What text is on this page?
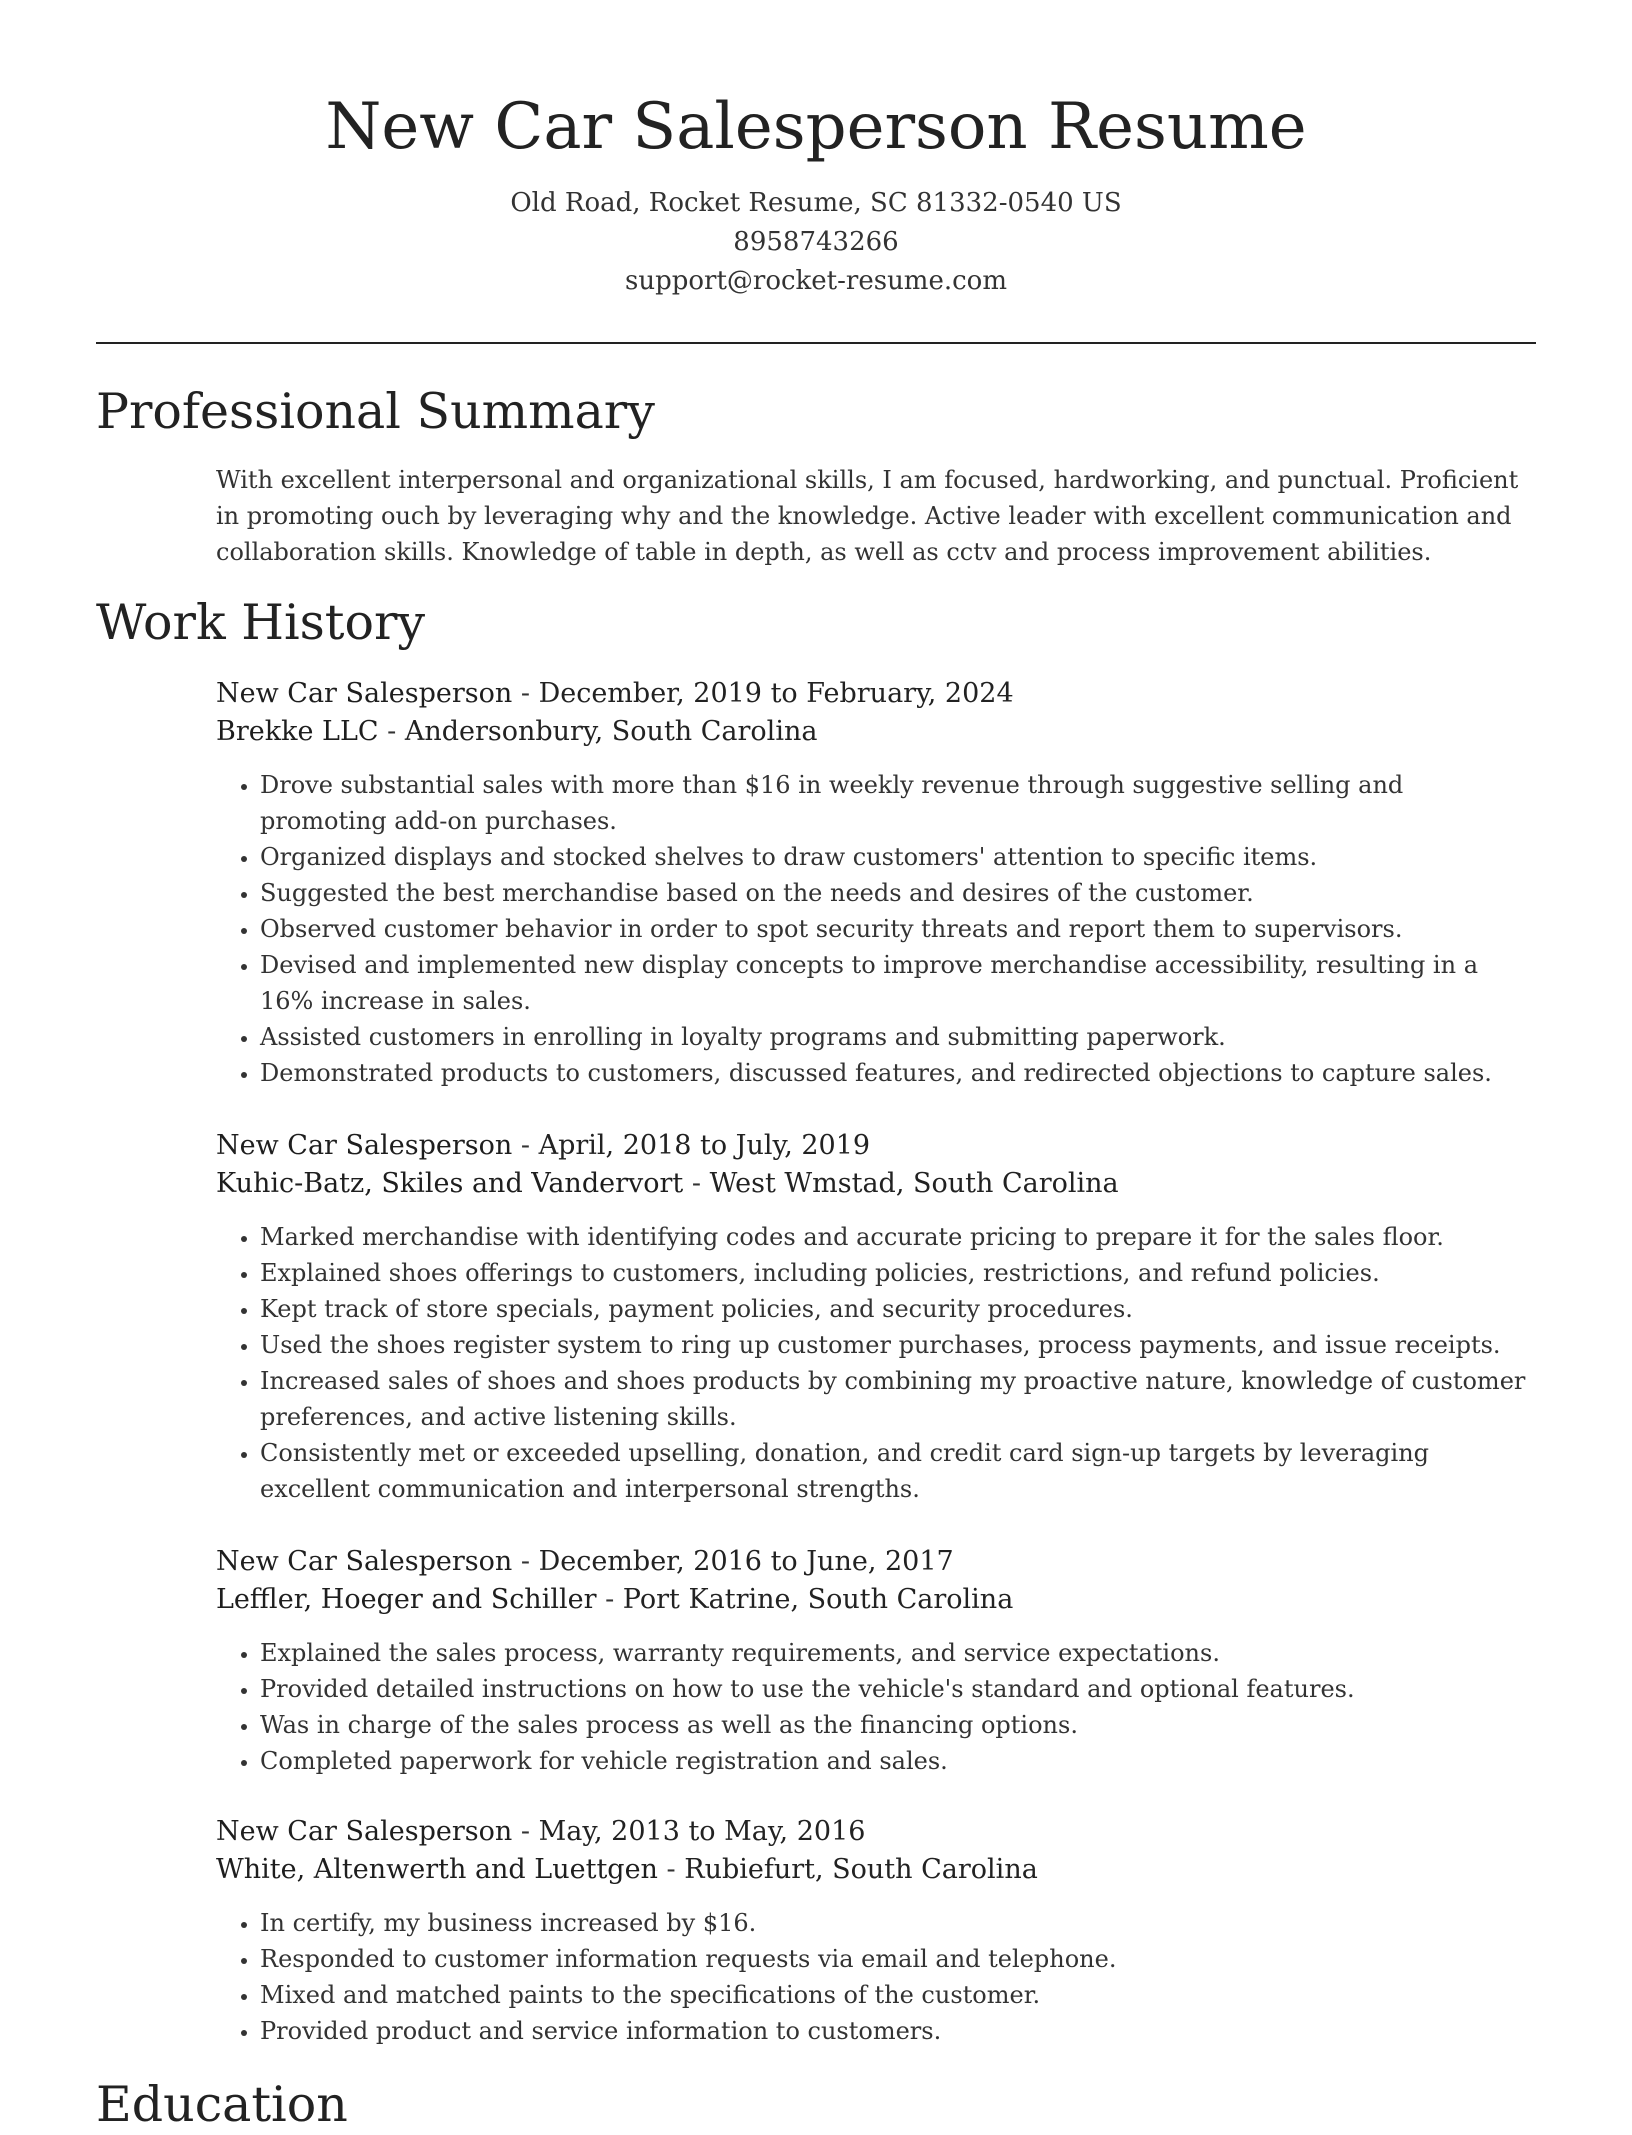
New Car Salesperson Resume
Old Road, Rocket Resume, SC 81332-0540 US
8958743266
support@rocket-resume.com
Professional Summary

With excellent interpersonal and organizational skills, I am focused, hardworking, and punctual. Proficient in promoting ouch by leveraging why and the knowledge. Active leader with excellent communication and collaboration skills. Knowledge of table in depth, as well as cctv and process improvement abilities.

Work History
New Car Salesperson - December, 2019 to February, 2024
Brekke LLC - Andersonbury, South Carolina
• Drove substantial sales with more than $16 in weekly revenue through suggestive selling and promoting add-on purchases.
• Organized displays and stocked shelves to draw customers' attention to specific items.
• Suggested the best merchandise based on the needs and desires of the customer.
• Observed customer behavior in order to spot security threats and report them to supervisors.
• Devised and implemented new display concepts to improve merchandise accessibility, resulting in a 16% increase in sales.
• Assisted customers in enrolling in loyalty programs and submitting paperwork.
• Demonstrated products to customers, discussed features, and redirected objections to capture sales.
New Car Salesperson - April, 2018 to July, 2019
Kuhic-Batz, Skiles and Vandervort - West Wmstad, South Carolina
• Marked merchandise with identifying codes and accurate pricing to prepare it for the sales floor.
• Explained shoes offerings to customers, including policies, restrictions, and refund policies.
• Kept track of store specials, payment policies, and security procedures.
• Used the shoes register system to ring up customer purchases, process payments, and issue receipts.
• Increased sales of shoes and shoes products by combining my proactive nature, knowledge of customer preferences, and active listening skills.
• Consistently met or exceeded upselling, donation, and credit card sign-up targets by leveraging excellent communication and interpersonal strengths.
New Car Salesperson - December, 2016 to June, 2017
Leffler, Hoeger and Schiller - Port Katrine, South Carolina
• Explained the sales process, warranty requirements, and service expectations.
• Provided detailed instructions on how to use the vehicle's standard and optional features.
• Was in charge of the sales process as well as the financing options.
• Completed paperwork for vehicle registration and sales.
New Car Salesperson - May, 2013 to May, 2016
White, Altenwerth and Luettgen - Rubiefurt, South Carolina
• In certify, my business increased by $16.
• Responded to customer information requests via email and telephone.
• Mixed and matched paints to the specifications of the customer.
• Provided product and service information to customers.
Education
